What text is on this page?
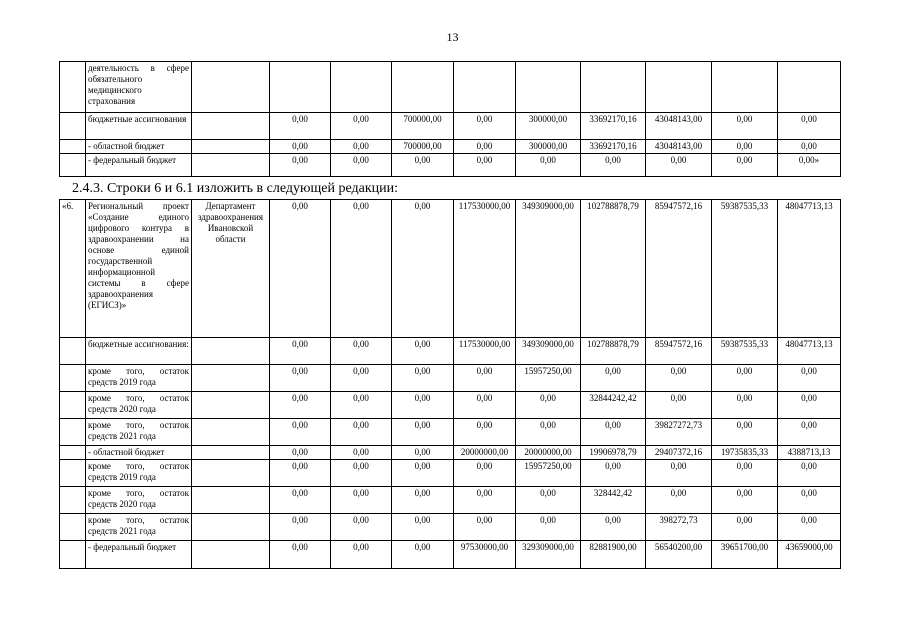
13
	деятельность в сфере обязательного медицинского страхования										
	бюджетные ассигнования		0,00	0,00	700000,00	0,00	300000,00	33692170,16	43048143,00	0,00	0,00
	- областной бюджет		0,00	0,00	700000,00	0,00	300000,00	33692170,16	43048143,00	0,00	0,00
	- федеральный бюджет		0,00	0,00	0,00	0,00	0,00	0,00	0,00	0,00	0,00»
2.4.3. Строки 6 и 6.1 изложить в следующей редакции:
«6.	Региональный проект «Создание единого цифрового контура в здравоохранении на основе единой государственной информационной системы в сфере здравоохранения (ЕГИСЗ)»	Департамент здравоохранения Ивановской области	0,00	0,00	0,00	117530000,00	349309000,00	102788878,79	85947572,16	59387535,33	48047713,13
	бюджетные ассигнования:		0,00	0,00	0,00	117530000,00	349309000,00	102788878,79	85947572,16	59387535,33	48047713,13
	кроме того, остаток средств 2019 года		0,00	0,00	0,00	0,00	15957250,00	0,00	0,00	0,00	0,00
	кроме того, остаток средств 2020 года		0,00	0,00	0,00	0,00	0,00	32844242,42	0,00	0,00	0,00
	кроме того, остаток средств 2021 года		0,00	0,00	0,00	0,00	0,00	0,00	39827272,73	0,00	0,00
	- областной бюджет		0,00	0,00	0,00	20000000,00	20000000,00	19906978,79	29407372,16	19735835,33	4388713,13
	кроме того, остаток средств 2019 года		0,00	0,00	0,00	0,00	15957250,00	0,00	0,00	0,00	0,00
	кроме того, остаток средств 2020 года		0,00	0,00	0,00	0,00	0,00	328442,42	0,00	0,00	0,00
	кроме того, остаток средств 2021 года		0,00	0,00	0,00	0,00	0,00	0,00	398272,73	0,00	0,00
	- федеральный бюджет		0,00	0,00	0,00	97530000,00	329309000,00	82881900,00	56540200,00	39651700,00	43659000,00
